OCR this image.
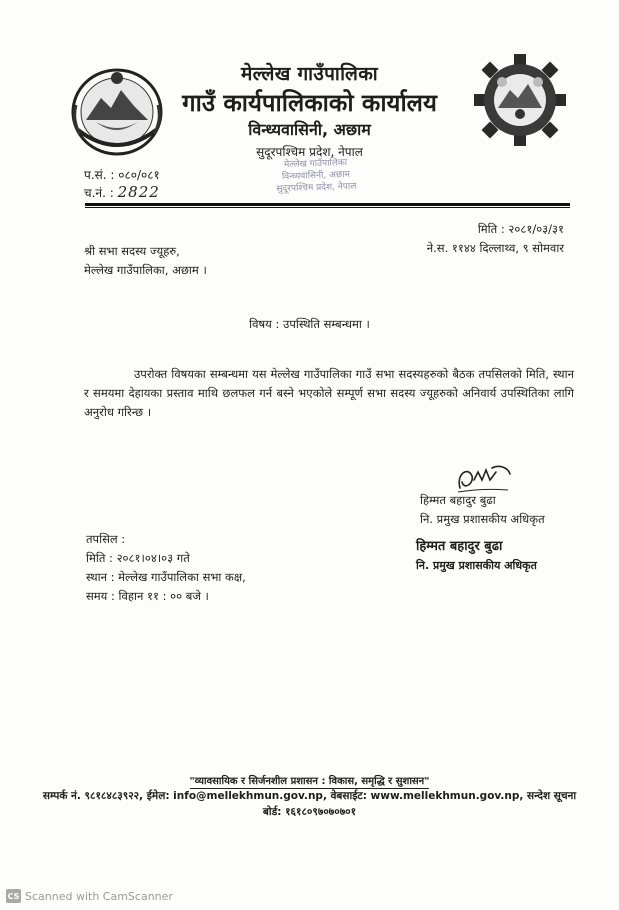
मेल्लेख गाउँपालिका
गाउँ कार्यपालिकाको कार्यालय
विन्ध्यवासिनी, अछाम
सुदूरपश्चिम प्रदेश, नेपाल
मेल्लेख गाउँपालिका
विन्ध्यवासिनी, अछाम
सुदूरपश्चिम प्रदेश, नेपाल
प.सं. : ०८०/०८१
च.नं. : 2822
मिति : २०८१/०३/३१
ने.स. ११४४ दिल्लाथ्व, ९ सोमवार
श्री सभा सदस्य ज्यूहरु,
मेल्लेख गाउँपालिका, अछाम ।
विषय : उपस्थिति सम्बन्धमा ।
उपरोक्त विषयका सम्बन्धमा यस मेल्लेख गाउँपालिका गाउँ सभा सदस्यहरुको बैठक तपसिलको मिति, स्थान र समयमा देहायका प्रस्ताव माथि छलफल गर्न बस्ने भएकोले सम्पूर्ण सभा सदस्य ज्यूहरुको अनिवार्य उपस्थितिका लागि अनुरोध गरिन्छ ।
हिम्मत बहादुर बुढा
नि. प्रमुख प्रशासकीय अधिकृत
हिम्मत बहादुर बुढा
नि. प्रमुख प्रशासकीय अधिकृत
तपसिल :
मिति : २०८१।०४।०३ गते
स्थान : मेल्लेख गाउँपालिका सभा कक्ष,
समय : विहान ११ : ०० बजे ।
"व्यावसायिक र सिर्जनशील प्रशासन : विकास, समृद्धि र सुशासन"
सम्पर्क नं. ९८१८४८३९२२, ईमेल: info@mellekhmun.gov.np, वेबसाईट: www.mellekhmun.gov.np, सन्देश सूचना
बोर्ड: १६१८०९७०७०७०१
CS Scanned with CamScanner
